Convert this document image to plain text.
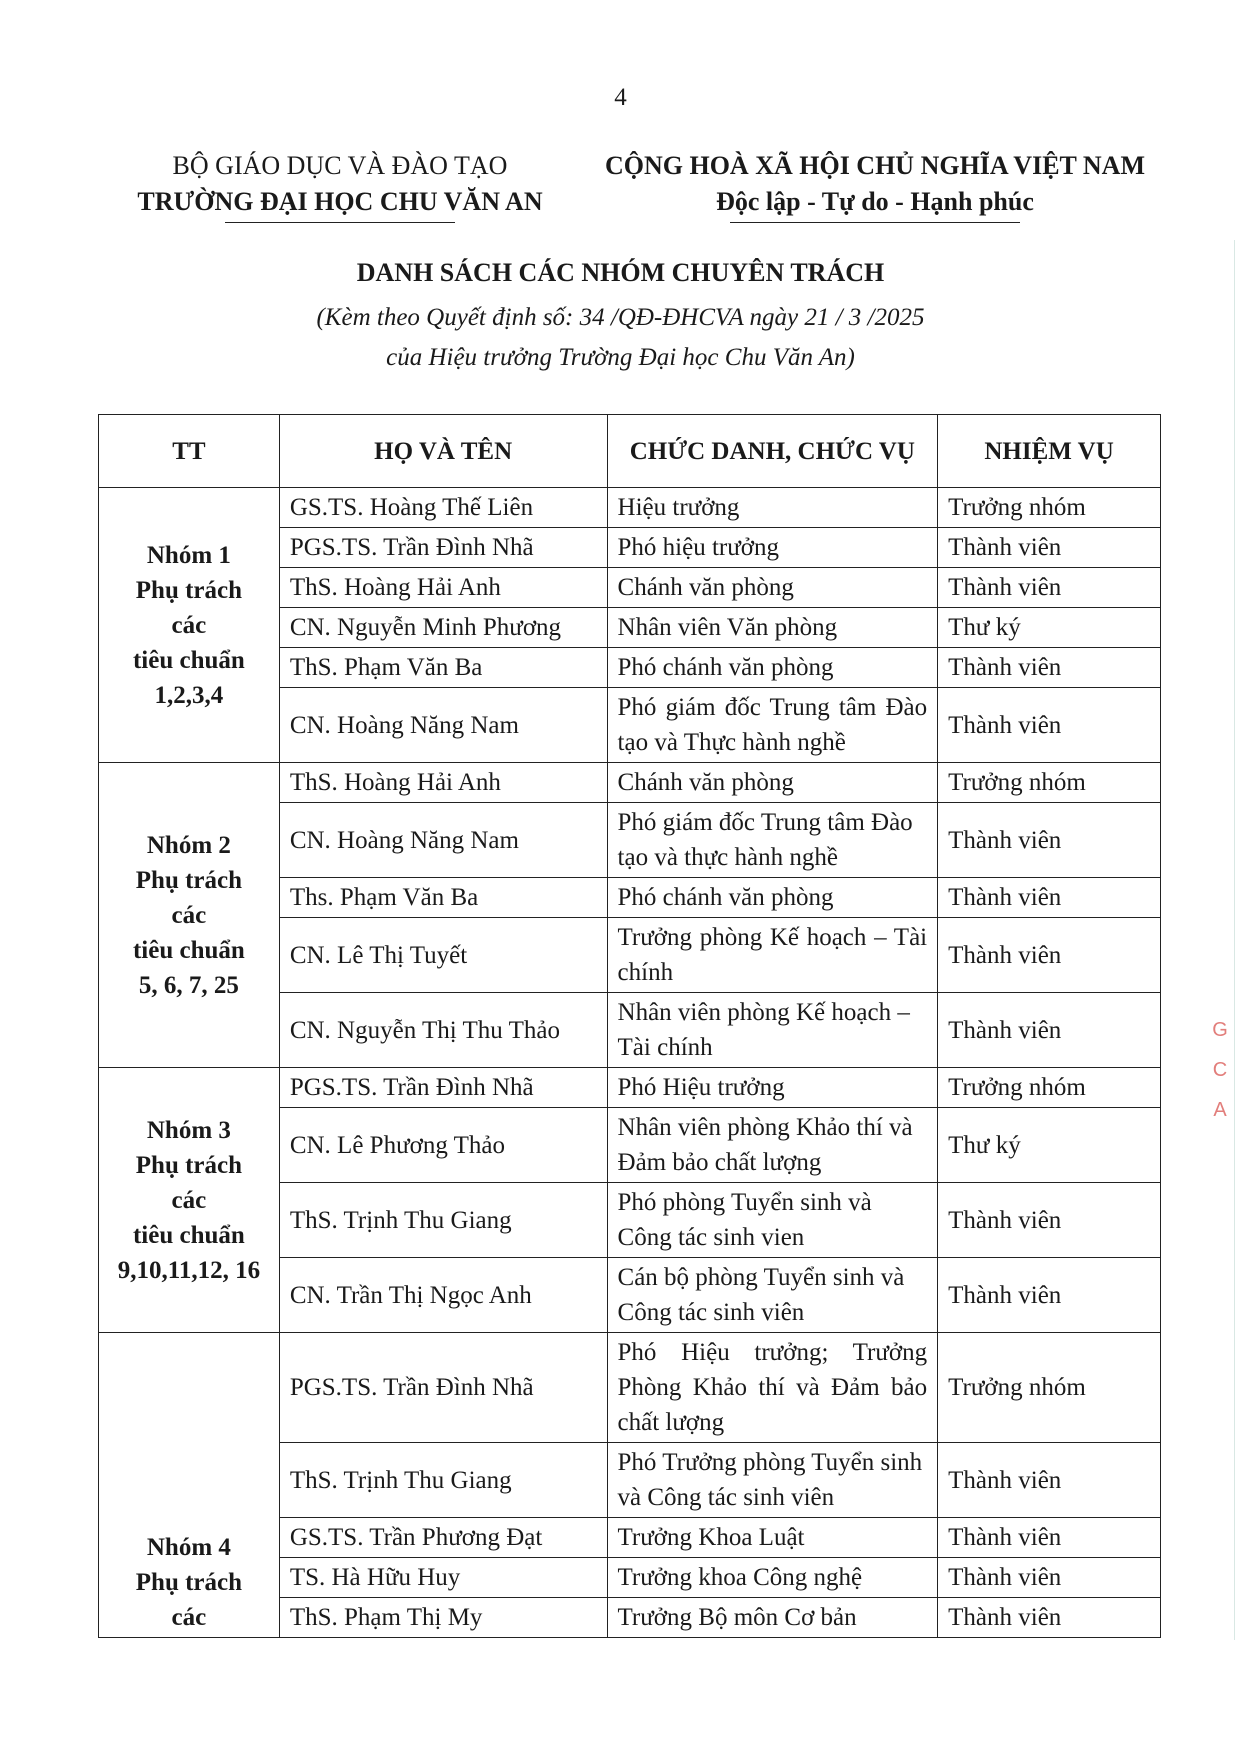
4
BỘ GIÁO DỤC VÀ ĐÀO TẠO
TRƯỜNG ĐẠI HỌC CHU VĂN AN
CỘNG HOÀ XÃ HỘI CHỦ NGHĨA VIỆT NAM
Độc lập - Tự do - Hạnh phúc
DANH SÁCH CÁC NHÓM CHUYÊN TRÁCH
(Kèm theo Quyết định số: 34 /QĐ-ĐHCVA ngày 21 / 3 /2025
của Hiệu trưởng Trường Đại học Chu Văn An)
TT	HỌ VÀ TÊN	CHỨC DANH, CHỨC VỤ	NHIỆM VỤ

Nhóm 1
Phụ trách
các
tiêu chuẩn
1,2,3,4	GS.TS. Hoàng Thế Liên	Hiệu trưởng	Trưởng nhóm
	PGS.TS. Trần Đình Nhã	Phó hiệu trưởng	Thành viên
	ThS. Hoàng Hải Anh	Chánh văn phòng	Thành viên
	CN. Nguyễn Minh Phương	Nhân viên Văn phòng	Thư ký
	ThS. Phạm Văn Ba	Phó chánh văn phòng	Thành viên
	CN. Hoàng Năng Nam	Phó giám đốc Trung tâm Đào tạo và Thực hành nghề	Thành viên

Nhóm 2
Phụ trách
các
tiêu chuẩn
5, 6, 7, 25	ThS. Hoàng Hải Anh	Chánh văn phòng	Trưởng nhóm
	CN. Hoàng Năng Nam	Phó giám đốc Trung tâm Đào tạo và thực hành nghề	Thành viên
	Ths. Phạm Văn Ba	Phó chánh văn phòng	Thành viên
	CN. Lê Thị Tuyết	Trưởng phòng Kế hoạch – Tài chính	Thành viên
	CN. Nguyễn Thị Thu Thảo	Nhân viên phòng Kế hoạch – Tài chính	Thành viên

Nhóm 3
Phụ trách
các
tiêu chuẩn
9,10,11,12, 16	PGS.TS. Trần Đình Nhã	Phó Hiệu trưởng	Trưởng nhóm
	CN. Lê Phương Thảo	Nhân viên phòng Khảo thí và Đảm bảo chất lượng	Thư ký
	ThS. Trịnh Thu Giang	Phó phòng Tuyển sinh và Công tác sinh vien	Thành viên
	CN. Trần Thị Ngọc Anh	Cán bộ phòng Tuyển sinh và Công tác sinh viên	Thành viên

Nhóm 4
Phụ trách
các	PGS.TS. Trần Đình Nhã	Phó Hiệu trưởng; Trưởng Phòng Khảo thí và Đảm bảo chất lượng	Trưởng nhóm
	ThS. Trịnh Thu Giang	Phó Trưởng phòng Tuyển sinh và Công tác sinh viên	Thành viên
	GS.TS. Trần Phương Đạt	Trưởng Khoa Luật	Thành viên
	TS. Hà Hữu Huy	Trưởng khoa Công nghệ	Thành viên
	ThS. Phạm Thị My	Trưởng Bộ môn Cơ bản	Thành viên
G
C
A
